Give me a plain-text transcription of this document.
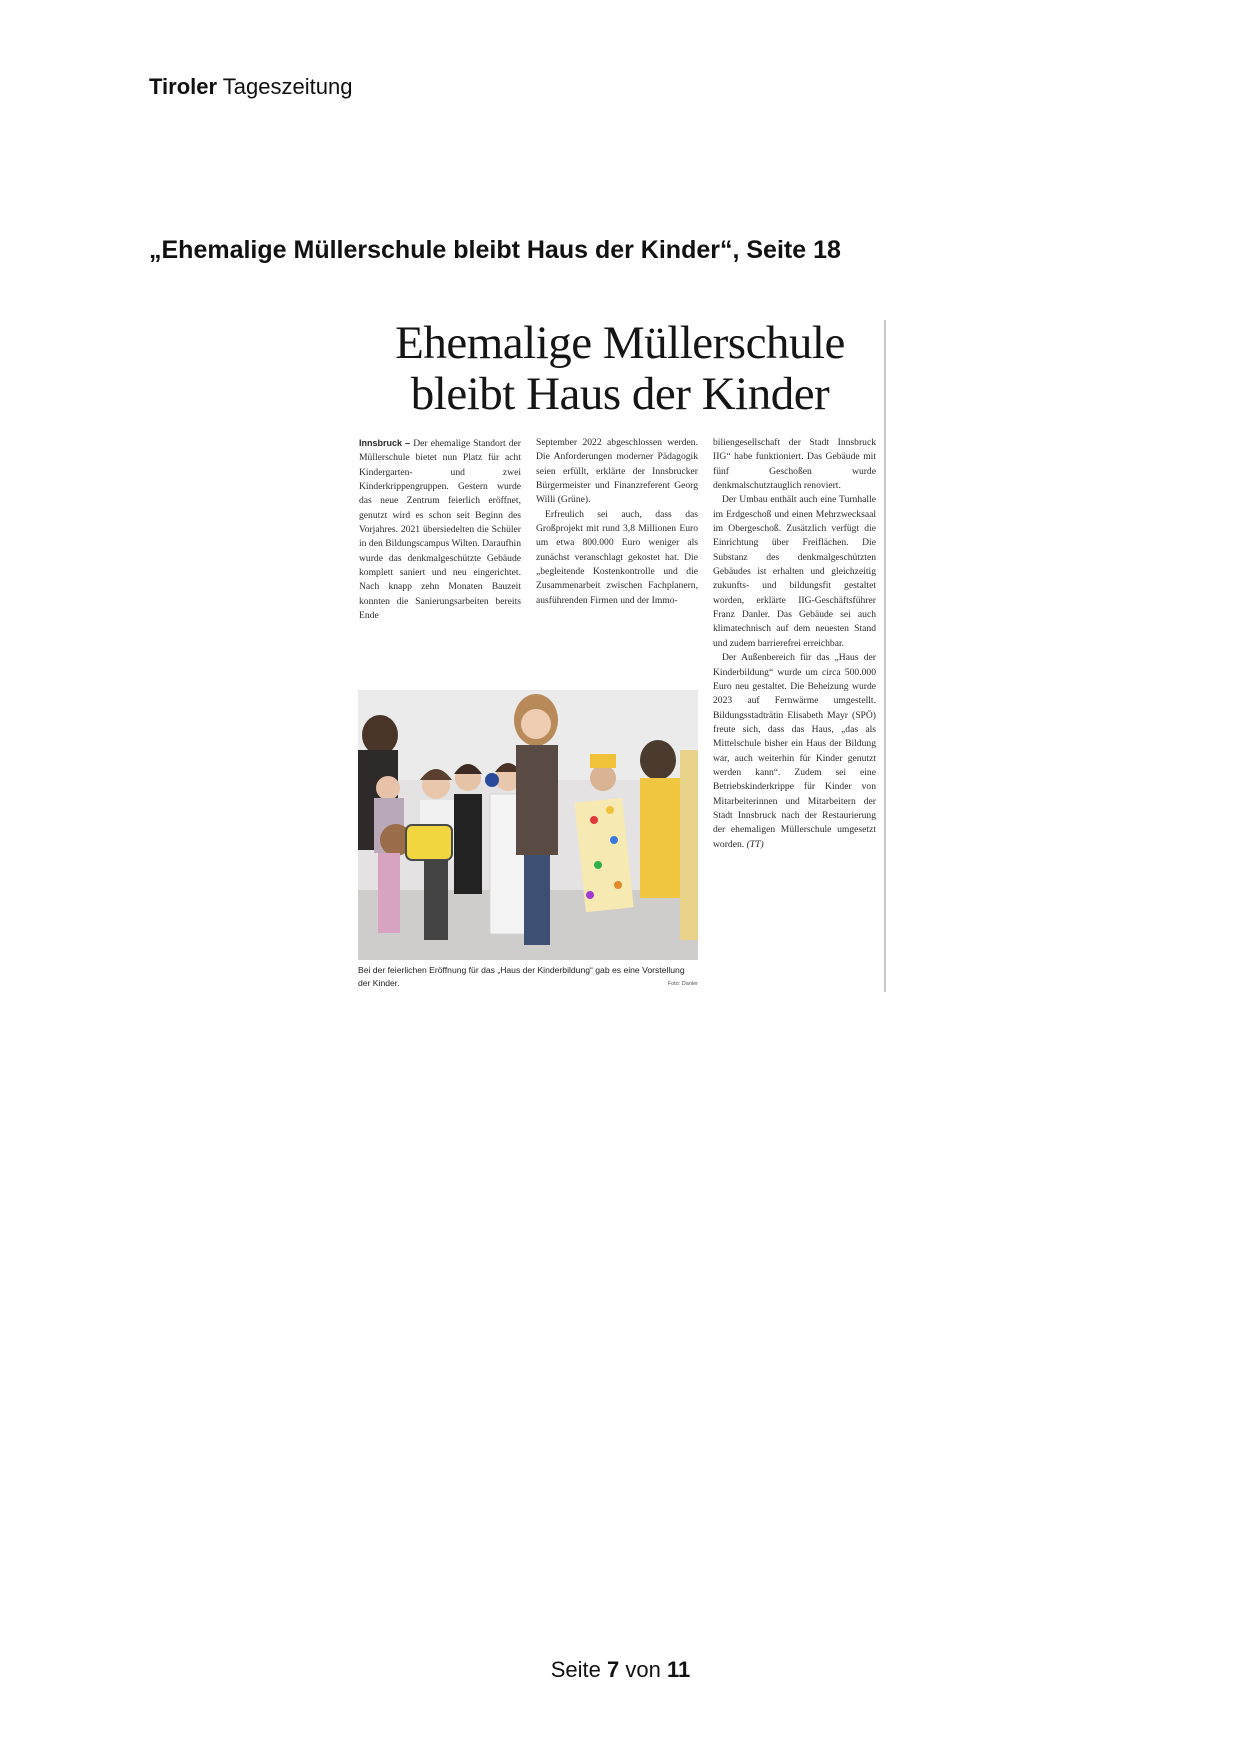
Tiroler Tageszeitung
„Ehemalige Müllerschule bleibt Haus der Kinder“, Seite 18
Ehemalige Müllerschule
bleibt Haus der Kinder

Innsbruck – Der ehemalige Standort der Müllerschule bietet nun Platz für acht Kindergarten- und zwei Kinderkrippengruppen. Gestern wurde das neue Zentrum feierlich eröffnet, genutzt wird es schon seit Beginn des Vorjahres. 2021 übersiedelten die Schüler in den Bildungscampus Wilten. Daraufhin wurde das denkmalgeschützte Gebäude komplett saniert und neu eingerichtet. Nach knapp zehn Monaten Bauzeit konnten die Sanierungsarbeiten bereits Ende

September 2022 abgeschlossen werden. Die Anforderungen moderner Pädagogik seien erfüllt, erklärte der Innsbrucker Bürgermeister und Finanzreferent Georg Willi (Grüne).

Erfreulich sei auch, dass das Großprojekt mit rund 3,8 Millionen Euro um etwa 800.000 Euro weniger als zunächst veranschlagt gekostet hat. Die „begleitende Kostenkontrolle und die Zusammenarbeit zwischen Fachplanern, ausführenden Firmen und der Immo-

biliengesellschaft der Stadt Innsbruck IIG“ habe funktioniert. Das Gebäude mit fünf Geschoßen wurde denkmalschutztauglich renoviert.

Der Umbau enthält auch eine Turnhalle im Erdgeschoß und einen Mehrzwecksaal im Obergeschoß. Zusätzlich verfügt die Einrichtung über Freiflächen. Die Substanz des denkmalgeschützten Gebäudes ist erhalten und gleichzeitig zukunfts- und bildungsfit gestaltet worden, erklärte IIG-Geschäftsführer Franz Danler. Das Gebäude sei auch klimatechnisch auf dem neuesten Stand und zudem barrierefrei erreichbar.

Der Außenbereich für das „Haus der Kinderbildung“ wurde um circa 500.000 Euro neu gestaltet. Die Beheizung wurde 2023 auf Fernwärme umgestellt. Bildungsstadträtin Elisabeth Mayr (SPÖ) freute sich, dass das Haus, „das als Mittelschule bisher ein Haus der Bildung war, auch weiterhin für Kinder genutzt werden kann“. Zudem sei eine Betriebskinderkrippe für Kinder von Mitarbeiterinnen und Mitarbeitern der Stadt Innsbruck nach der Restaurierung der ehemaligen Müllerschule umgesetzt worden. (TT)

Bei der feierlichen Eröffnung für das „Haus der Kinderbildung“ gab es eine Vorstellung der Kinder.	Foto: Danler
Seite 7 von 11
